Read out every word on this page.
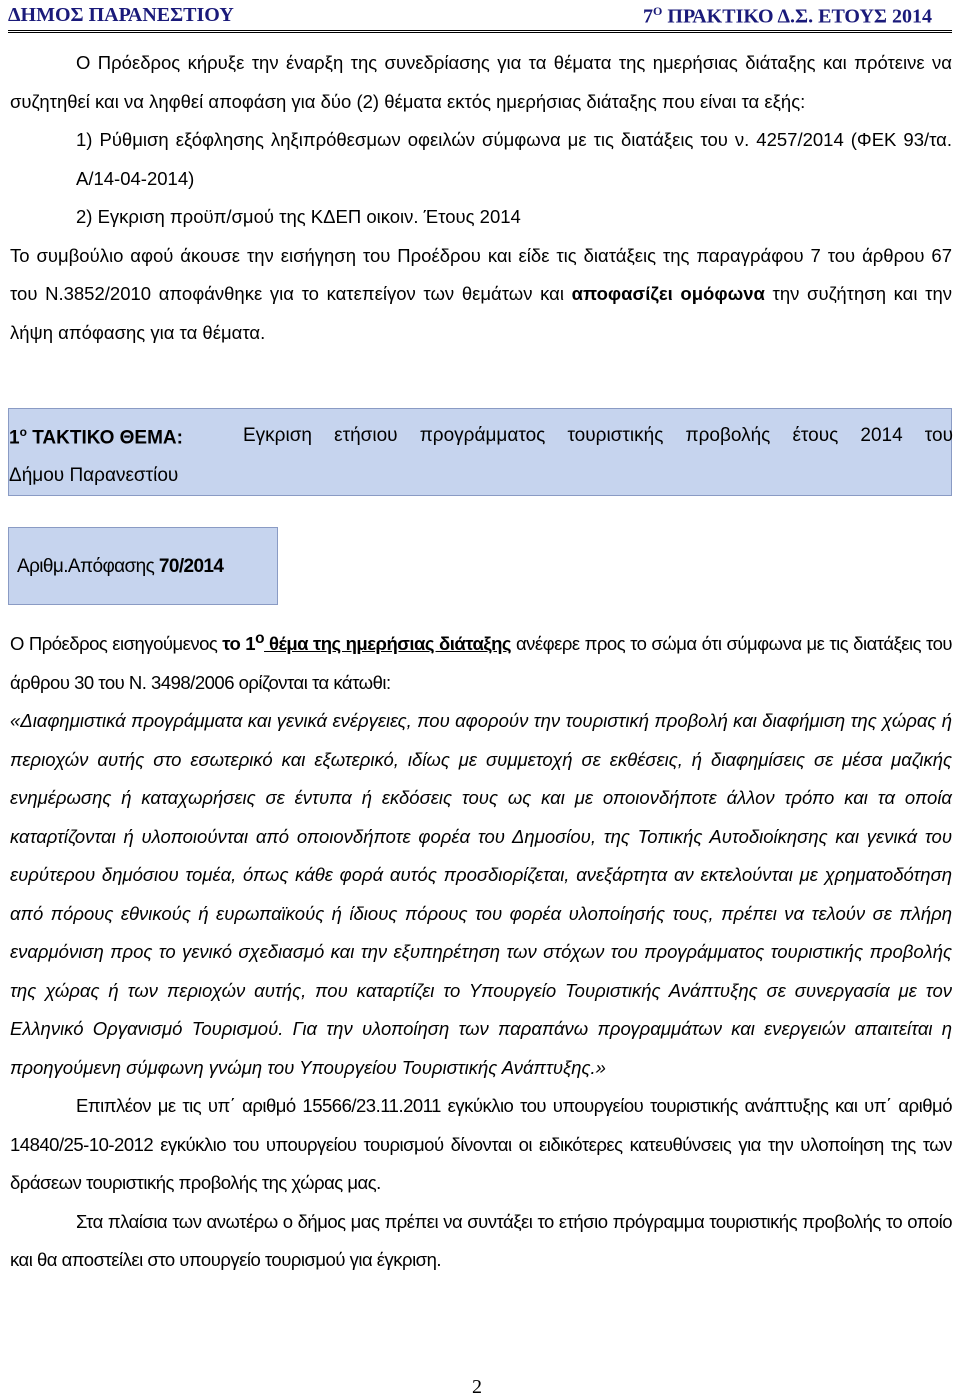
ΔΗΜΟΣ ΠΑΡΑΝΕΣΤΙΟΥ	$7^O$ ΠΡΑΚΤΙΚΟ Δ.Σ. ΕΤΟΥΣ 2014

Ο Πρόεδρος κήρυξε την έναρξη της συνεδρίασης για τα θέματα της ημερήσιας διάταξης και πρότεινε να συζητηθεί και να ληφθεί αποφάση για δύο (2) θέματα εκτός ημερήσιας διάταξης που είναι τα εξής:

1) Ρύθμιση εξόφλησης ληξιπρόθεσμων οφειλών σύμφωνα με τις διατάξεις του ν. 4257/2014 (ΦΕΚ 93/τα. Α/14-04-2014)

2) Εγκριση προϋπ/σμού της ΚΔΕΠ οικοιν. Έτους 2014

Το συμβούλιο αφού άκουσε την εισήγηση του Προέδρου και είδε τις διατάξεις της παραγράφου 7 του άρθρου 67 του Ν.3852/2010 αποφάνθηκε για το κατεπείγον των θεμάτων και αποφασίζει ομόφωνα την συζήτηση και την λήψη απόφασης για τα θέματα.

$1^o$ ΤΑΚΤΙΚΟ ΘΕΜΑ:	Εγκριση ετήσιου προγράμματος τουριστικής προβολής έτους 2014 του
Δήμου Παρανεστίου
Αριθμ.Απόφασης 70/2014

Ο Πρόεδρος εισηγούμενος το $1^o$ θέμα της ημερήσιας διάταξης ανέφερε προς το σώμα ότι σύμφωνα με τις διατάξεις του άρθρου 30 του Ν. 3498/2006 ορίζονται τα κάτωθι:

«Διαφημιστικά προγράμματα και γενικά ενέργειες, που αφορούν την τουριστική προβολή και διαφήμιση της χώρας ή περιοχών αυτής στο εσωτερικό και εξωτερικό, ιδίως με συμμετοχή σε εκθέσεις, ή διαφημίσεις σε μέσα μαζικής ενημέρωσης ή καταχωρήσεις σε έντυπα ή εκδόσεις τους ως και με οποιονδήποτε άλλον τρόπο και τα οποία καταρτίζονται ή υλοποιούνται από οποιονδήποτε φορέα του Δημοσίου, της Τοπικής Αυτοδιοίκησης και γενικά του ευρύτερου δημόσιου τομέα, όπως κάθε φορά αυτός προσδιορίζεται, ανεξάρτητα αν εκτελούνται με χρηματοδότηση από πόρους εθνικούς ή ευρωπαϊκούς ή ίδιους πόρους του φορέα υλοποίησής τους, πρέπει να τελούν σε πλήρη εναρμόνιση προς το γενικό σχεδιασμό και την εξυπηρέτηση των στόχων του προγράμματος τουριστικής προβολής της χώρας ή των περιοχών αυτής, που καταρτίζει το Υπουργείο Τουριστικής Ανάπτυξης σε συνεργασία με τον Ελληνικό Οργανισμό Τουρισμού. Για την υλοποίηση των παραπάνω προγραμμάτων και ενεργειών απαιτείται η προηγούμενη σύμφωνη γνώμη του Υπουργείου Τουριστικής Ανάπτυξης.»

Επιπλέον με τις υπ΄ αριθμό 15566/23.11.2011 εγκύκλιο του υπουργείου τουριστικής ανάπτυξης και υπ΄ αριθμό 14840/25-10-2012 εγκύκλιο του υπουργείου τουρισμού δίνονται οι ειδικότερες κατευθύνσεις για την υλοποίηση της των δράσεων τουριστικής προβολής της χώρας μας.

Στα πλαίσια των ανωτέρω ο δήμος μας πρέπει να συντάξει το ετήσιο πρόγραμμα τουριστικής προβολής το οποίο και θα αποστείλει στο υπουργείο τουρισμού για έγκριση.

2
